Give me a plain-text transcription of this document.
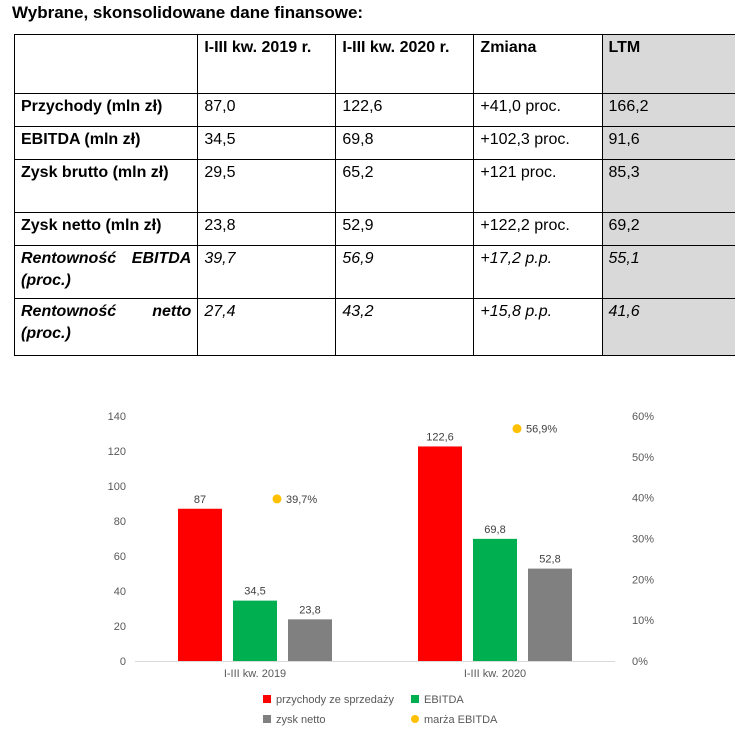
Wybrane, skonsolidowane dane finansowe:
	I-III kw. 2019 r.	I-III kw. 2020 r.	Zmiana	LTM
Przychody (mln zł)	87,0	122,6	+41,0 proc.	166,2
EBITDA (mln zł)	34,5	69,8	+102,3 proc.	91,6
Zysk brutto (mln zł)	29,5	65,2	+121 proc.	85,3
Zysk netto (mln zł)	23,8	52,9	+122,2 proc.	69,2
Rentowność EBITDA (proc.)	39,7	56,9	+17,2 p.p.	55,1
Rentowność netto (proc.)	27,4	43,2	+15,8 p.p.	41,6
0
20
40
60
80
100
120
140
0%
10%
20%
30%
40%
50%
60%
87
34,5
23,8
I-III kw. 2019
39,7%
122,6
69,8
52,8
I-III kw. 2020
56,9%
przychody ze sprzedaży	EBITDA
zysk netto	marża EBITDA
